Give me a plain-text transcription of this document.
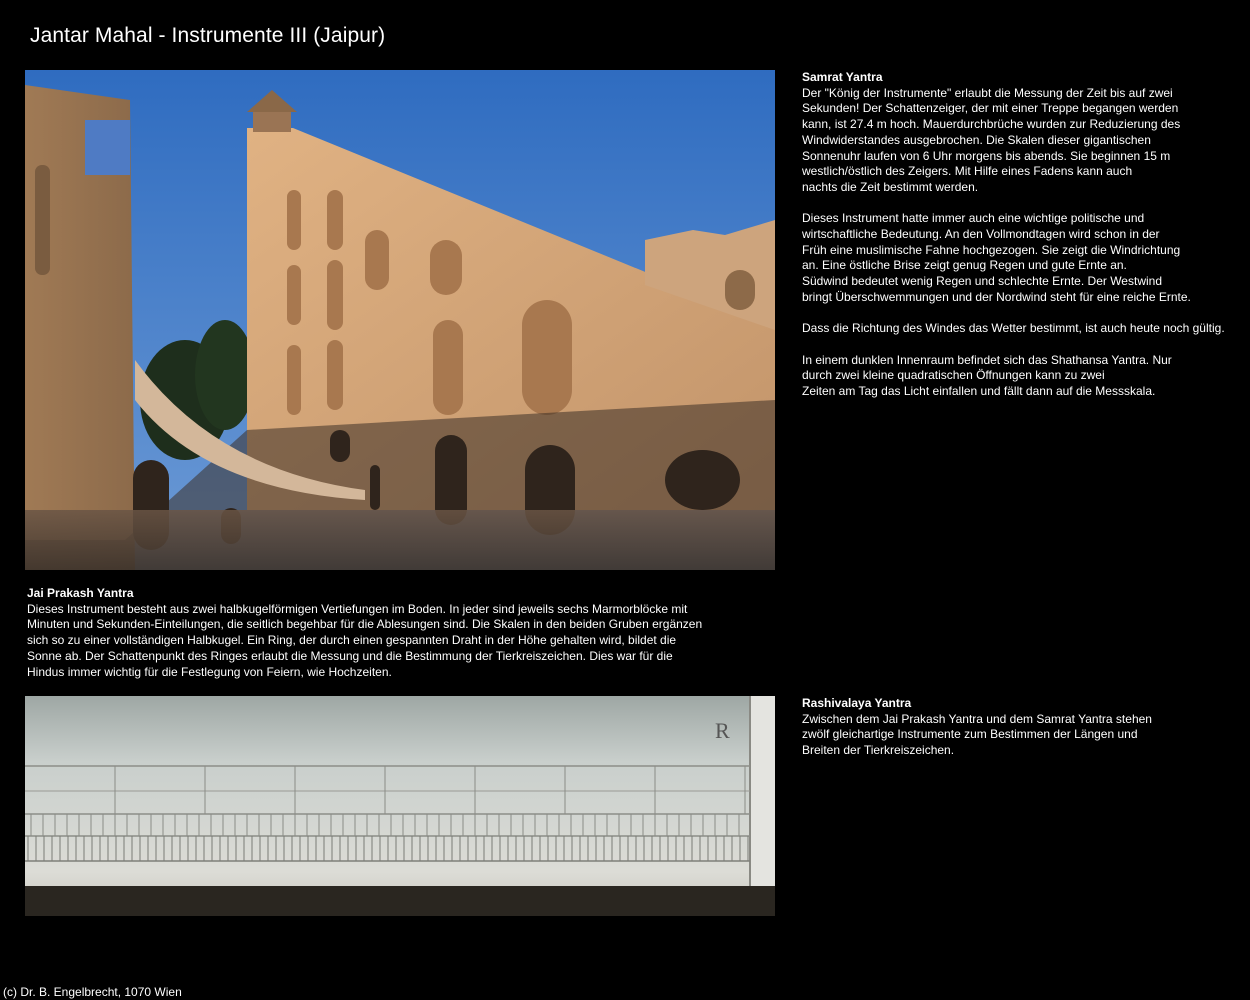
Jantar Mahal - Instrumente III (Jaipur)
Samrat Yantra
Der "König der Instrumente" erlaubt die Messung der Zeit bis auf zwei
Sekunden! Der Schattenzeiger, der mit einer Treppe begangen werden
kann, ist 27.4 m hoch. Mauerdurchbrüche wurden zur Reduzierung des
Windwiderstandes ausgebrochen. Die Skalen dieser gigantischen
Sonnenuhr laufen von 6 Uhr morgens bis abends. Sie beginnen 15 m
westlich/östlich des Zeigers. Mit Hilfe eines Fadens kann auch
nachts die Zeit bestimmt werden.
Dieses Instrument hatte immer auch eine wichtige politische und
wirtschaftliche Bedeutung. An den Vollmondtagen wird schon in der
Früh eine muslimische Fahne hochgezogen. Sie zeigt die Windrichtung
an. Eine östliche Brise zeigt genug Regen und gute Ernte an.
Südwind bedeutet wenig Regen und schlechte Ernte. Der Westwind
bringt Überschwemmungen und der Nordwind steht für eine reiche Ernte.
Dass die Richtung des Windes das Wetter bestimmt, ist auch heute noch gültig.
In einem dunklen Innenraum befindet sich das Shathansa Yantra. Nur
durch zwei kleine quadratischen Öffnungen kann zu zwei
Zeiten am Tag das Licht einfallen und fällt dann auf die Messskala.
Jai Prakash Yantra
Dieses Instrument besteht aus zwei halbkugelförmigen Vertiefungen im Boden. In jeder sind jeweils sechs Marmorblöcke mit
Minuten und Sekunden-Einteilungen, die seitlich begehbar für die Ablesungen sind. Die Skalen in den beiden Gruben ergänzen
sich so zu einer vollständigen Halbkugel. Ein Ring, der durch einen gespannten Draht in der Höhe gehalten wird, bildet die
Sonne ab. Der Schattenpunkt des Ringes erlaubt die Messung und die Bestimmung der Tierkreiszeichen. Dies war für die
Hindus immer wichtig für die Festlegung von Feiern, wie Hochzeiten.
R
Rashivalaya Yantra
Zwischen dem Jai Prakash Yantra und dem Samrat Yantra stehen
zwölf gleichartige Instrumente zum Bestimmen der Längen und
Breiten der Tierkreiszeichen.
(c) Dr. B. Engelbrecht, 1070 Wien
